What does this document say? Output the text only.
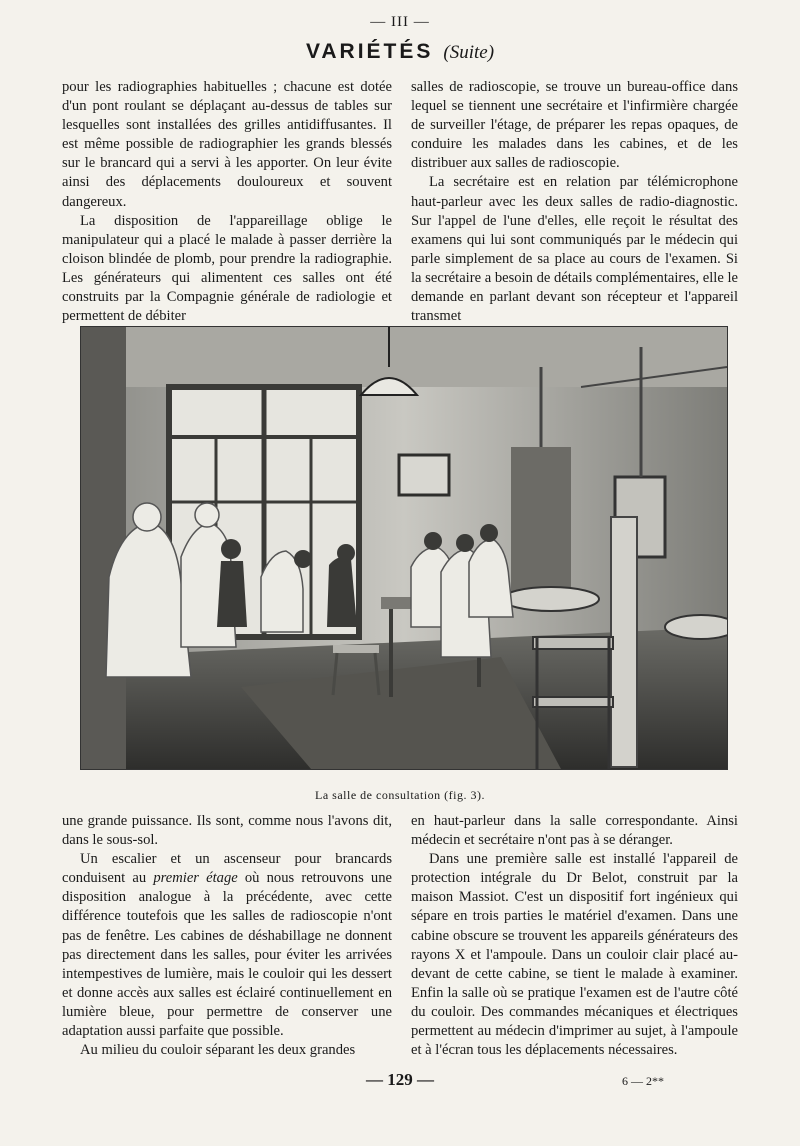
— III —
VARIÉTÉS (Suite)

pour les radiographies habituelles ; chacune est dotée d'un pont roulant se déplaçant au-dessus de tables sur lesquelles sont installées des grilles antidiffusantes. Il est même possible de radiographier les grands blessés sur le brancard qui a servi à les apporter. On leur évite ainsi des déplacements douloureux et souvent dangereux.

La disposition de l'appareillage oblige le manipulateur qui a placé le malade à passer derrière la cloison blindée de plomb, pour prendre la radiographie. Les générateurs qui alimentent ces salles ont été construits par la Compagnie générale de radiologie et permettent de débiter

salles de radioscopie, se trouve un bureau-office dans lequel se tiennent une secrétaire et l'infirmière chargée de surveiller l'étage, de préparer les repas opaques, de conduire les malades dans les cabines, et de les distribuer aux salles de radioscopie.

La secrétaire est en relation par télémicrophone haut-parleur avec les deux salles de radio-diagnostic. Sur l'appel de l'une d'elles, elle reçoit le résultat des examens qui lui sont communiqués par le médecin qui parle simplement de sa place au cours de l'examen. Si la secrétaire a besoin de détails complémentaires, elle le demande en parlant devant son récepteur et l'appareil transmet

La salle de consultation (fig. 3).

une grande puissance. Ils sont, comme nous l'avons dit, dans le sous-sol.

Un escalier et un ascenseur pour brancards conduisent au premier étage où nous retrouvons une disposition analogue à la précédente, avec cette différence toutefois que les salles de radioscopie n'ont pas de fenêtre. Les cabines de déshabillage ne donnent pas directement dans les salles, pour éviter les arrivées intempestives de lumière, mais le couloir qui les dessert et donne accès aux salles est éclairé continuellement en lumière bleue, pour permettre de conserver une adaptation aussi parfaite que possible.

Au milieu du couloir séparant les deux grandes

en haut-parleur dans la salle correspondante. Ainsi médecin et secrétaire n'ont pas à se déranger.

Dans une première salle est installé l'appareil de protection intégrale du Dr Belot, construit par la maison Massiot. C'est un dispositif fort ingénieux qui sépare en trois parties le matériel d'examen. Dans une cabine obscure se trouvent les appareils générateurs des rayons X et l'ampoule. Dans un couloir clair placé au-devant de cette cabine, se tient le malade à examiner. Enfin la salle où se pratique l'examen est de l'autre côté du couloir. Des commandes mécaniques et électriques permettent au médecin d'imprimer au sujet, à l'ampoule et à l'écran tous les déplacements nécessaires.

— 129 —	6 — 2**
